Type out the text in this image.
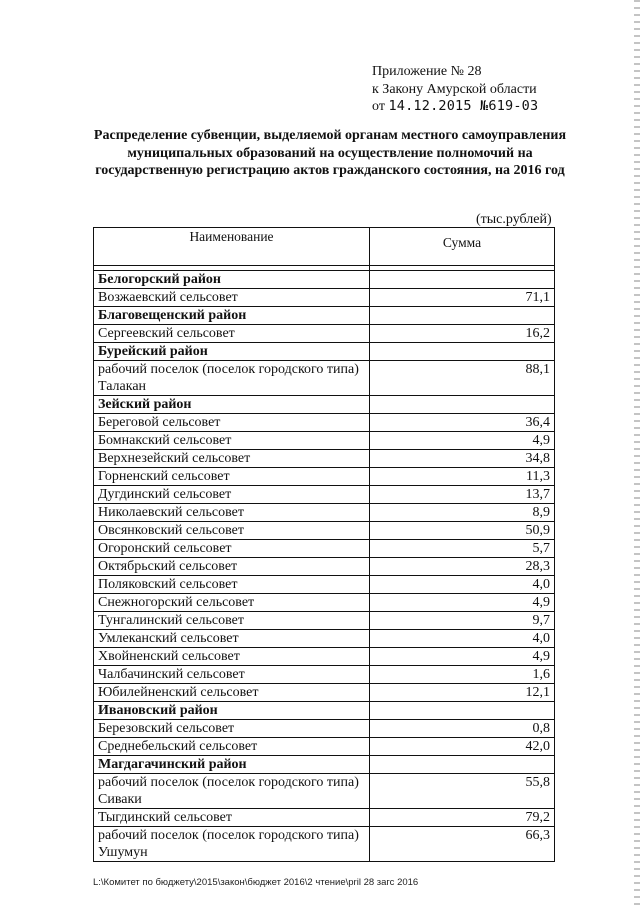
Приложение № 28
к Закону Амурской области
от 14.12.2015 №619-03
Распределение субвенции, выделяемой органам местного самоуправления муниципальных образований на осуществление полномочий на государственную регистрацию актов гражданского состояния, на 2016 год
(тыс.рублей)
Наименование	Сумма

Белогорский район	
Возжаевский сельсовет	71,1
Благовещенский район	
Сергеевский сельсовет	16,2
Бурейский район	
рабочий поселок (поселок городского типа) Талакан	88,1
Зейский район	
Береговой сельсовет	36,4
Бомнакский сельсовет	4,9
Верхнезейский сельсовет	34,8
Горненский сельсовет	11,3
Дугдинский сельсовет	13,7
Николаевский сельсовет	8,9
Овсянковский сельсовет	50,9
Огоронский сельсовет	5,7
Октябрьский сельсовет	28,3
Поляковский сельсовет	4,0
Снежногорский сельсовет	4,9
Тунгалинский сельсовет	9,7
Умлеканский сельсовет	4,0
Хвойненский сельсовет	4,9
Чалбачинский сельсовет	1,6
Юбилейненский сельсовет	12,1
Ивановский район	
Березовский сельсовет	0,8
Среднебельский сельсовет	42,0
Магдагачинский район	
рабочий поселок (поселок городского типа) Сиваки	55,8
Тыгдинский сельсовет	79,2
рабочий поселок (поселок городского типа) Ушумун	66,3
L:\Комитет по бюджету\2015\закон\бюджет 2016\2 чтение\рril 28 загс 2016
